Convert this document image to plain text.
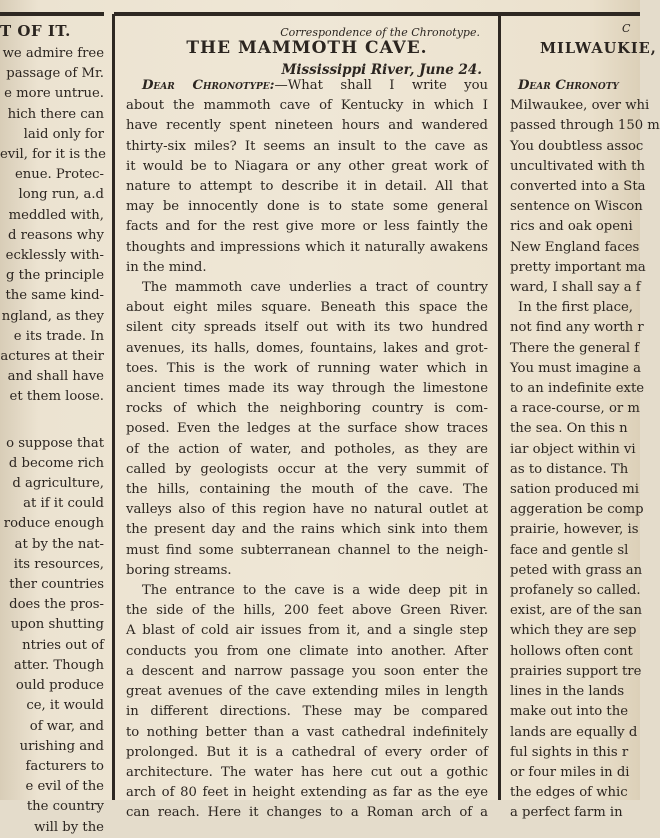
T OF IT.
we admire free
passage of Mr.
e more untrue.
hich there can
laid only for
evil, for it is the
enue. Protec-
long run, a.d
meddled with,
d reasons why
ecklessly with-
g the principle
the same kind-
ngland, as they
e its trade. In
actures at their
and shall have
et them loose.
o suppose that
d become rich
d agriculture,
at if it could
roduce enough
at by the nat-
its resources,
ther countries
does the pros-
upon shutting
ntries out of
atter. Though
ould produce
ce, it would
of war, and
urishing and
facturers to
e evil of the
the country
will by the
Correspondence of the Chronotype.
THE MAMMOTH CAVE.
Mississippi River, June 24.
Dear Chronotype:—What shall I write you
about the mammoth cave of Kentucky in which I
have recently spent nineteen hours and wandered
thirty-six miles? It seems an insult to the cave as
it would be to Niagara or any other great work of
nature to attempt to describe it in detail. All that
may be innocently done is to state some general
facts and for the rest give more or less faintly the
thoughts and impressions which it naturally awakens
in the mind.
The mammoth cave underlies a tract of country
about eight miles square. Beneath this space the
silent city spreads itself out with its two hundred
avenues, its halls, domes, fountains, lakes and grot-
toes. This is the work of running water which in
ancient times made its way through the limestone
rocks of which the neighboring country is com-
posed. Even the ledges at the surface show traces
of the action of water, and potholes, as they are
called by geologists occur at the very summit of
the hills, containing the mouth of the cave. The
valleys also of this region have no natural outlet at
the present day and the rains which sink into them
must find some subterranean channel to the neigh-
boring streams.
The entrance to the cave is a wide deep pit in
the side of the hills, 200 feet above Green River.
A blast of cold air issues from it, and a single step
conducts you from one climate into another. After
a descent and narrow passage you soon enter the
great avenues of the cave extending miles in length
in different directions. These may be compared
to nothing better than a vast cathedral indefinitely
prolonged. But it is a cathedral of every order of
architecture. The water has here cut out a gothic
arch of 80 feet in height extending as far as the eye
can reach. Here it changes to a Roman arch of a
C
MILWAUKIE,
Dear Chronoty
Milwaukee, over whi
passed through 150 m
You doubtless assoc
uncultivated with th
converted into a Sta
sentence on Wiscon
rics and oak openi
New England faces
pretty important ma
ward, I shall say a f
In the first place,
not find any worth r
There the general f
You must imagine a
to an indefinite exte
a race-course, or m
the sea. On this n
iar object within vi
as to distance. Th
sation produced mi
aggeration be comp
prairie, however, is
face and gentle sl
peted with grass an
profanely so called.
exist, are of the san
which they are sep
hollows often cont
prairies support tre
lines in the lands
make out into the
lands are equally d
ful sights in this r
or four miles in di
the edges of whic
a perfect farm in
